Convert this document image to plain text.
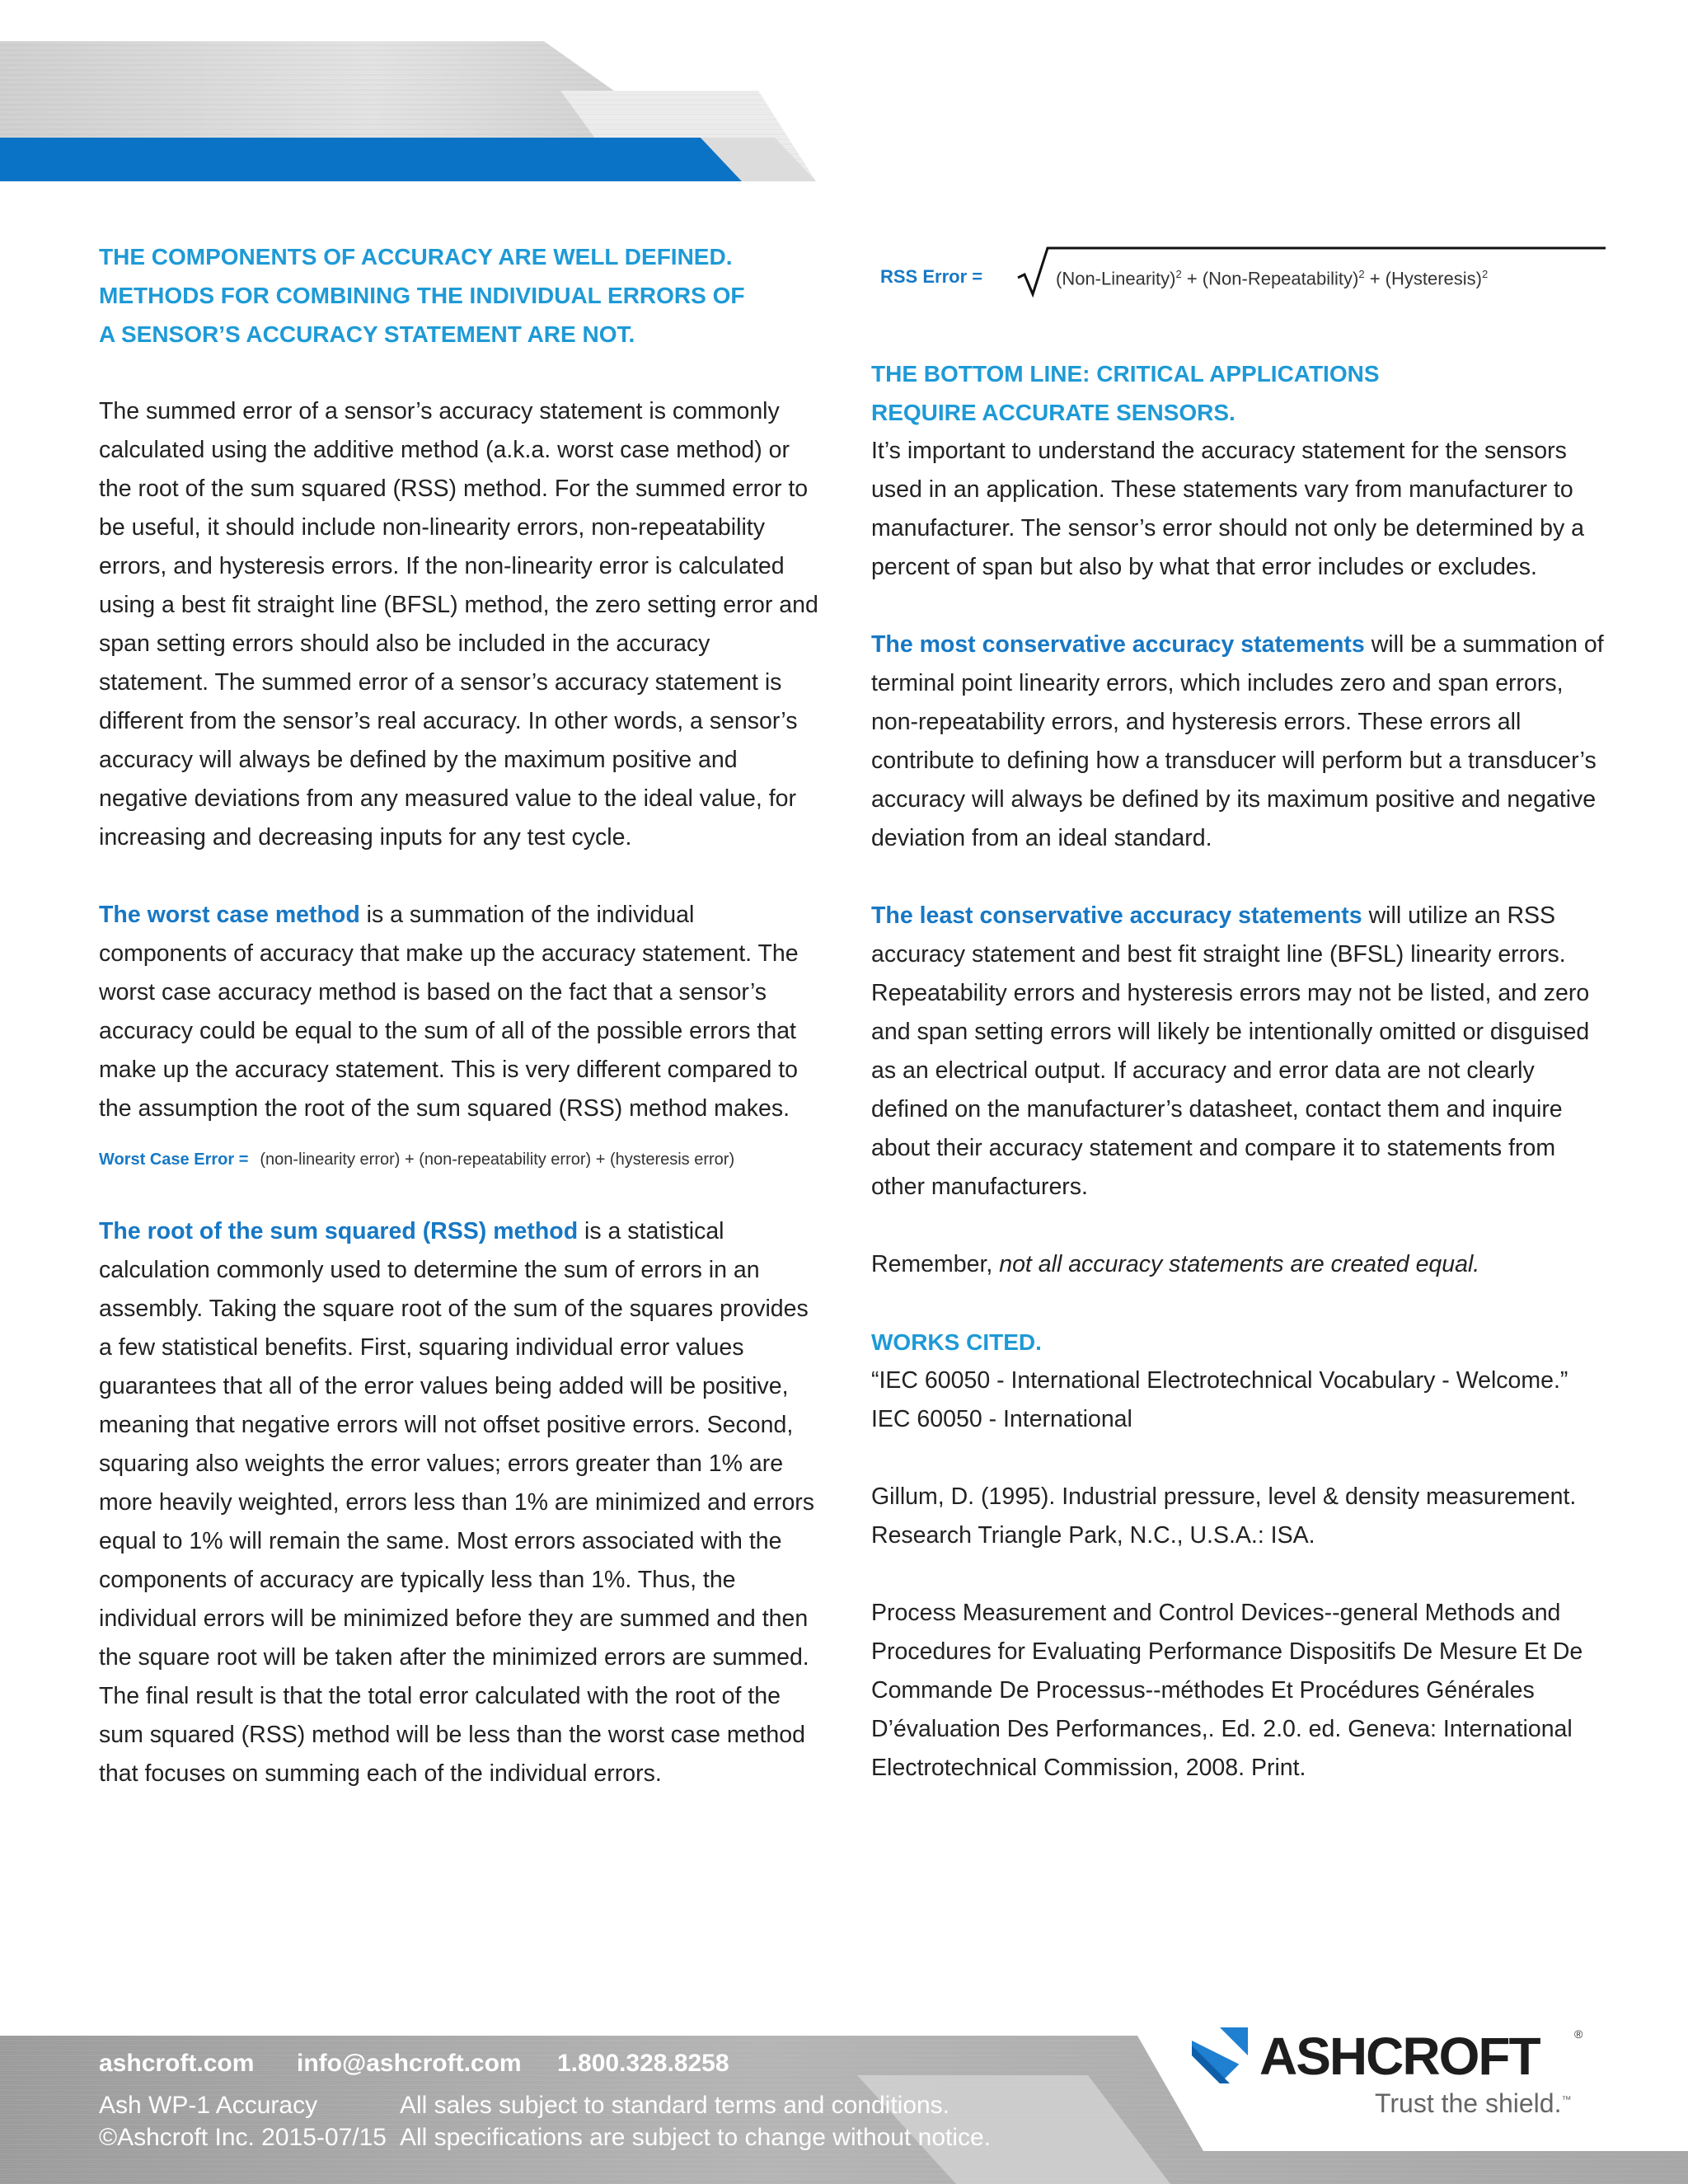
THE COMPONENTS OF ACCURACY ARE WELL DEFINED.

METHODS FOR COMBINING THE INDIVIDUAL ERRORS OF

A SENSOR’S ACCURACY STATEMENT ARE NOT.

The summed error of a sensor’s accuracy statement is commonly calculated using the additive method (a.k.a. worst case method) or the root of the sum squared (RSS) method. For the summed error to be useful, it should include non-linearity errors, non-repeatability errors, and hysteresis errors. If the non-linearity error is calculated using a best fit straight line (BFSL) method, the zero setting error and span setting errors should also be included in the accuracy statement. The summed error of a sensor’s accuracy statement is different from the sensor’s real accuracy. In other words, a sensor’s accuracy will always be defined by the maximum positive and negative deviations from any measured value to the ideal value, for increasing and decreasing inputs for any test cycle.

The worst case method is a summation of the individual components of accuracy that make up the accuracy statement. The worst case accuracy method is based on the fact that a sensor’s accuracy could be equal to the sum of all of the possible errors that make up the accuracy statement. This is very different compared to the assumption the root of the sum squared (RSS) method makes.

Worst Case Error = (non-linearity error) + (non-repeatability error) + (hysteresis error)

The root of the sum squared (RSS) method is a statistical calculation commonly used to determine the sum of errors in an assembly. Taking the square root of the sum of the squares provides a few statistical benefits. First, squaring individual error values guarantees that all of the error values being added will be positive, meaning that negative errors will not offset positive errors. Second, squaring also weights the error values; errors greater than 1% are more heavily weighted, errors less than 1% are minimized and errors equal to 1% will remain the same. Most errors associated with the components of accuracy are typically less than 1%. Thus, the individual errors will be minimized before they are summed and then the square root will be taken after the minimized errors are summed. The final result is that the total error calculated with the root of the sum squared (RSS) method will be less than the worst case method that focuses on summing each of the individual errors.

RSS Error =	(Non-Linearity)$^2$ + (Non-Repeatability)$^2$ + (Hysteresis)$^2$

THE BOTTOM LINE: CRITICAL APPLICATIONS

REQUIRE ACCURATE SENSORS.

It’s important to understand the accuracy statement for the sensors used in an application. These statements vary from manufacturer to manufacturer. The sensor’s error should not only be determined by a percent of span but also by what that error includes or excludes.

The most conservative accuracy statements will be a summation of terminal point linearity errors, which includes zero and span errors, non-repeatability errors, and hysteresis errors. These errors all contribute to defining how a transducer will perform but a transducer’s accuracy will always be defined by its maximum positive and negative deviation from an ideal standard.

The least conservative accuracy statements will utilize an RSS accuracy statement and best fit straight line (BFSL) linearity errors. Repeatability errors and hysteresis errors may not be listed, and zero and span setting errors will likely be intentionally omitted or disguised as an electrical output. If accuracy and error data are not clearly defined on the manufacturer’s datasheet, contact them and inquire about their accuracy statement and compare it to statements from other manufacturers.

Remember, not all accuracy statements are created equal.

WORKS CITED.

“IEC 60050 - International Electrotechnical Vocabulary - Welcome.” IEC 60050 - International

Gillum, D. (1995). Industrial pressure, level & density measurement. Research Triangle Park, N.C., U.S.A.: ISA.

Process Measurement and Control Devices--general Methods and Procedures for Evaluating Performance Dispositifs De Mesure Et De Commande De Processus--méthodes Et Procédures Générales D’évaluation Des Performances,. Ed. 2.0. ed. Geneva: International Electrotechnical Commission, 2008. Print.

ashcroft.com info@ashcroft.com 1.800.328.8258
Ash WP-1 Accuracy
©Ashcroft Inc. 2015-07/15
All sales subject to standard terms and conditions.
All specifications are subject to change without notice.
ASHCROFT	®
Trust the shield.™
